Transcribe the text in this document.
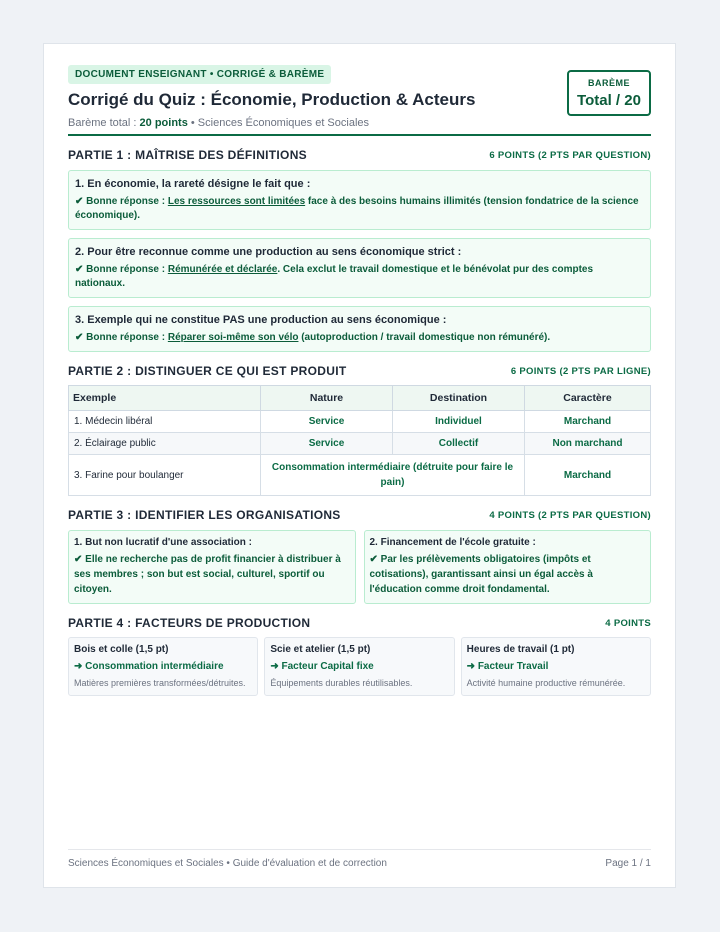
DOCUMENT ENSEIGNANT • CORRIGÉ & BARÈME
Corrigé du Quiz : Économie, Production & Acteurs
Barème total : 20 points • Sciences Économiques et Sociales
BARÈME
Total / 20
PARTIE 1 : MAÎTRISE DES DÉFINITIONS	6 POINTS (2 PTS PAR QUESTION)
1. En économie, la rareté désigne le fait que :
✔ Bonne réponse : Les ressources sont limitées face à des besoins humains illimités (tension fondatrice de la science économique).
2. Pour être reconnue comme une production au sens économique strict :
✔ Bonne réponse : Rémunérée et déclarée. Cela exclut le travail domestique et le bénévolat pur des comptes nationaux.
3. Exemple qui ne constitue PAS une production au sens économique :
✔ Bonne réponse : Réparer soi-même son vélo (autoproduction / travail domestique non rémunéré).
PARTIE 2 : DISTINGUER CE QUI EST PRODUIT	6 POINTS (2 PTS PAR LIGNE)
Exemple	Nature	Destination	Caractère
1. Médecin libéral	Service	Individuel	Marchand
2. Éclairage public	Service	Collectif	Non marchand
3. Farine pour boulanger	Consommation intermédiaire (détruite pour faire le pain)		Marchand
PARTIE 3 : IDENTIFIER LES ORGANISATIONS	4 POINTS (2 PTS PAR QUESTION)
1. But non lucratif d'une association :
✔ Elle ne recherche pas de profit financier à distribuer à ses membres ; son but est social, culturel, sportif ou citoyen.
2. Financement de l'école gratuite :
✔ Par les prélèvements obligatoires (impôts et cotisations), garantissant ainsi un égal accès à l'éducation comme droit fondamental.
PARTIE 4 : FACTEURS DE PRODUCTION	4 POINTS
Bois et colle (1,5 pt)
➜ Consommation intermédiaire
Matières premières transformées/détruites.
Scie et atelier (1,5 pt)
➜ Facteur Capital fixe
Équipements durables réutilisables.
Heures de travail (1 pt)
➜ Facteur Travail
Activité humaine productive rémunérée.
Sciences Économiques et Sociales • Guide d'évaluation et de correction	Page 1 / 1
